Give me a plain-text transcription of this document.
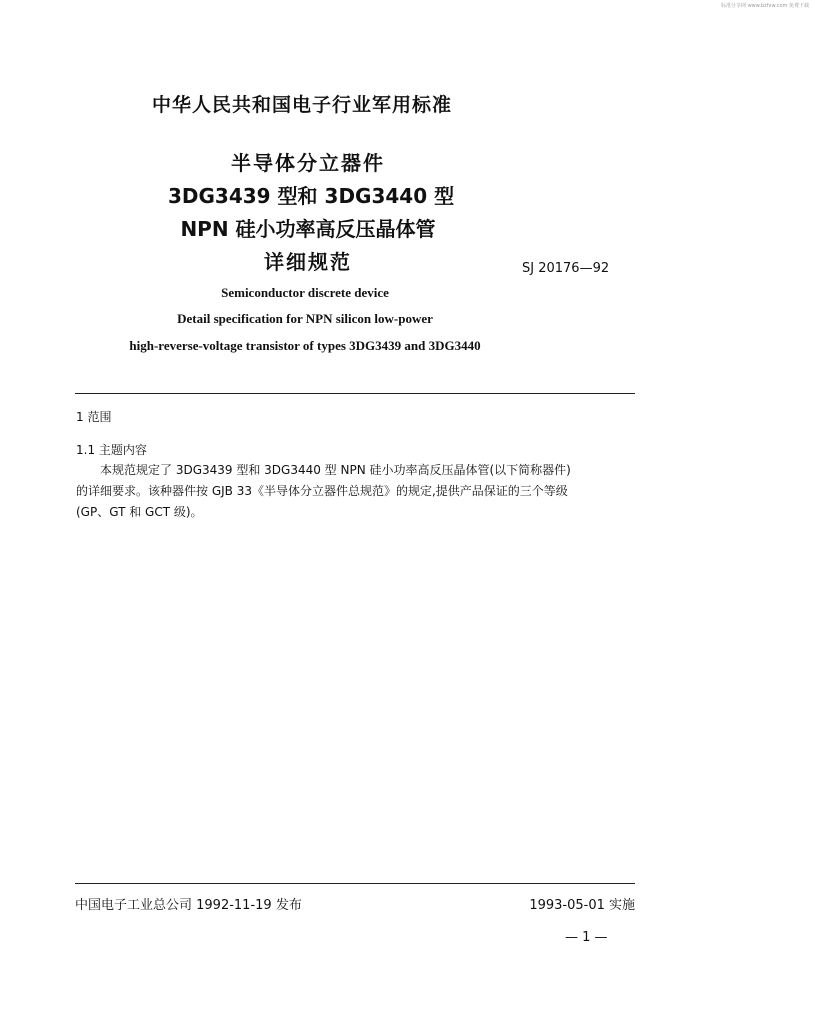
标准分享网 www.bzfxw.com 免费下载
中华人民共和国电子行业军用标准
半导体分立器件
3DG3439 型和 3DG3440 型
NPN 硅小功率高反压晶体管
详细规范	SJ 20176—92
Semiconductor discrete device
Detail specification for NPN silicon low-power
high-reverse-voltage transistor of types 3DG3439 and 3DG3440
1 范围
1.1 主题内容

本规范规定了 3DG3439 型和 3DG3440 型 NPN 硅小功率高反压晶体管(以下简称器件)

的详细要求。该种器件按 GJB 33《半导体分立器件总规范》的规定,提供产品保证的三个等级

(GP、GT 和 GCT 级)。

中国电子工业总公司 1992-11-19 发布	1993-05-01 实施
— 1 —
